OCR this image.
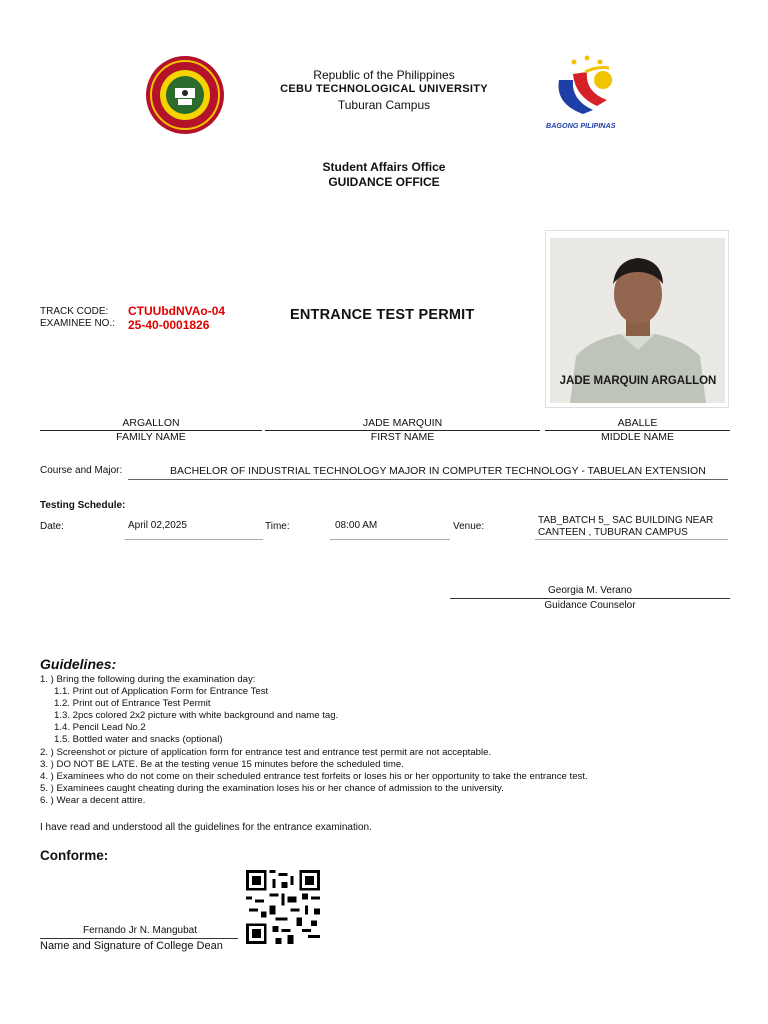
Republic of the Philippines
CEBU TECHNOLOGICAL UNIVERSITY
Tuburan Campus
BAGONG PILIPINAS
Student Affairs Office
GUIDANCE OFFICE
TRACK CODE: CTUUbdNVAo-04
EXAMINEE NO.: 25-40-0001826
ENTRANCE TEST PERMIT
JADE MARQUIN ARGALLON
ARGALLON	JADE MARQUIN	ABALLE
FAMILY NAME	FIRST NAME	MIDDLE NAME
Course and Major:	BACHELOR OF INDUSTRIAL TECHNOLOGY MAJOR IN COMPUTER TECHNOLOGY - TABUELAN EXTENSION
Testing Schedule:
Date:	April 02,2025	Time:	08:00 AM	Venue:
TAB_BATCH 5_ SAC BUILDING NEAR
CANTEEN , TUBURAN CAMPUS
Georgia M. Verano
Guidance Counselor
Guidelines:
1. ) Bring the following during the examination day:
1.1. Print out of Application Form for Entrance Test
1.2. Print out of Entrance Test Permit
1.3. 2pcs colored 2x2 picture with white background and name tag.
1.4. Pencil Lead No.2
1.5. Bottled water and snacks (optional)
2. ) Screenshot or picture of application form for entrance test and entrance test permit are not acceptable.
3. ) DO NOT BE LATE. Be at the testing venue 15 minutes before the scheduled time.
4. ) Examinees who do not come on their scheduled entrance test forfeits or loses his or her opportunity to take the entrance test.
5. ) Examinees caught cheating during the examination loses his or her chance of admission to the university.
6. ) Wear a decent attire.
I have read and understood all the guidelines for the entrance examination.
Conforme:
Fernando Jr N. Mangubat
Name and Signature of College Dean
